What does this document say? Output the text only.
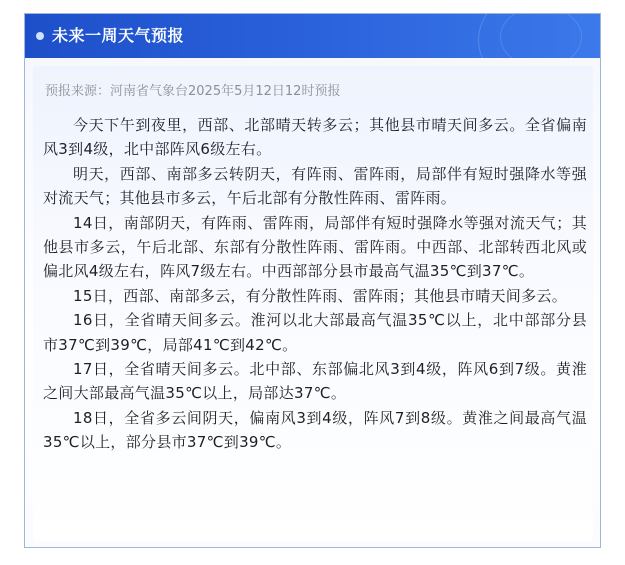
未来一周天气预报
预报来源：河南省气象台2025年5月12日12时预报

今天下午到夜里，西部、北部晴天转多云；其他县市晴天间多云。全省偏南风3到4级，北中部阵风6级左右。

明天，西部、南部多云转阴天，有阵雨、雷阵雨，局部伴有短时强降水等强对流天气；其他县市多云，午后北部有分散性阵雨、雷阵雨。

14日，南部阴天，有阵雨、雷阵雨，局部伴有短时强降水等强对流天气；其他县市多云，午后北部、东部有分散性阵雨、雷阵雨。中西部、北部转西北风或偏北风4级左右，阵风7级左右。中西部部分县市最高气温35℃到37℃。

15日，西部、南部多云，有分散性阵雨、雷阵雨；其他县市晴天间多云。

16日，全省晴天间多云。淮河以北大部最高气温35℃以上，北中部部分县市37℃到39℃，局部41℃到42℃。

17日，全省晴天间多云。北中部、东部偏北风3到4级，阵风6到7级。黄淮之间大部最高气温35℃以上，局部达37℃。

18日，全省多云间阴天，偏南风3到4级，阵风7到8级。黄淮之间最高气温35℃以上，部分县市37℃到39℃。
